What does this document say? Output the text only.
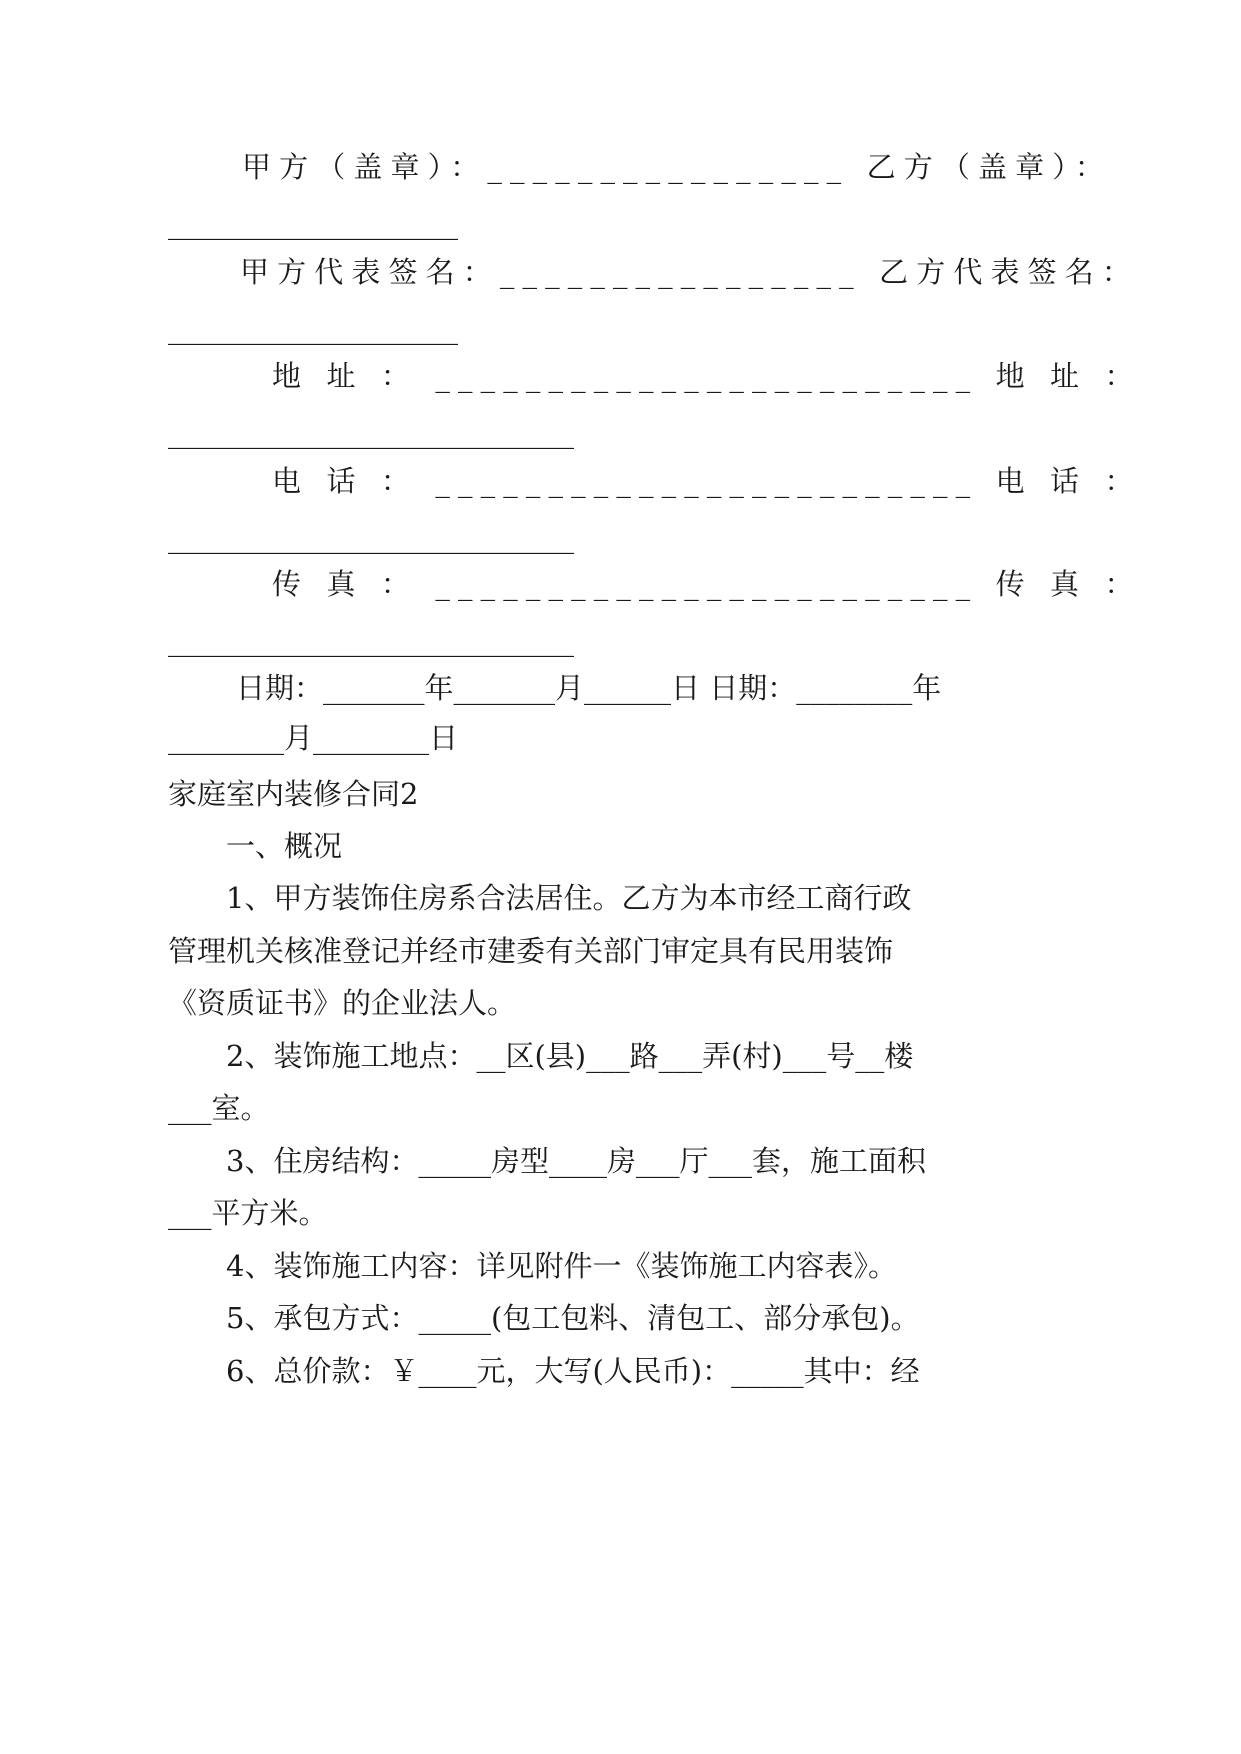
甲方（盖章）：________________ 乙方（盖章）：
____________________
甲方代表签名：________________ 乙方代表签名：
____________________
地 址 ： ________________________ 地 址 ：
____________________________
电 话 ： ________________________ 电 话 ：
____________________________
传 真 ： ________________________ 传 真 ：
____________________________
日期：_______年_______月______日 日期：________年
________月________日
家庭室内装修合同2
一、概况
1、甲方装饰住房系合法居住。乙方为本市经工商行政
管理机关核准登记并经市建委有关部门审定具有民用装饰
《资质证书》的企业法人。
2、装饰施工地点：__区(县)___路___弄(村)___号__楼
___室。
3、住房结构：_____房型____房___厅___套，施工面积
___平方米。
4、装饰施工内容：详见附件一《装饰施工内容表》。
5、承包方式：_____(包工包料、清包工、部分承包)。
6、总价款：￥____元，大写(人民币)：_____其中：经
